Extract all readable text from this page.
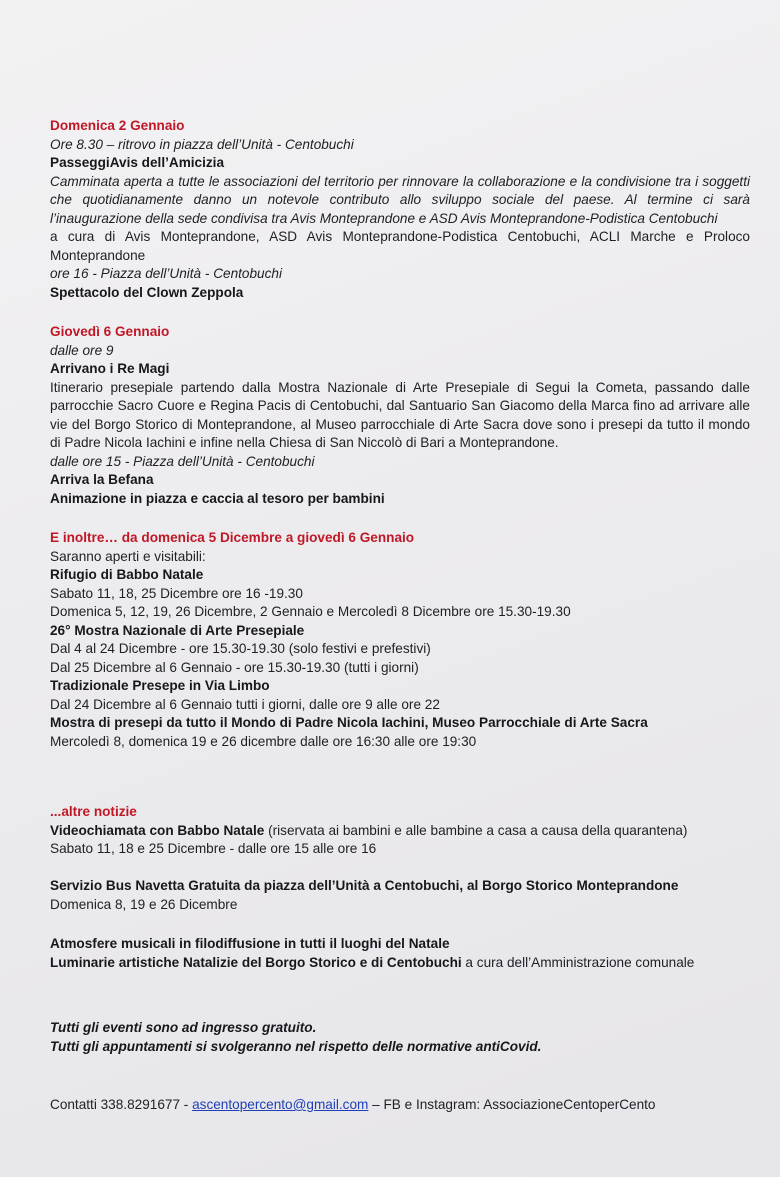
Domenica 2 Gennaio
Ore 8.30 – ritrovo in piazza dell’Unità - Centobuchi
PasseggiAvis dell’Amicizia
Camminata aperta a tutte le associazioni del territorio per rinnovare la collaborazione e la condivisione tra i soggetti che quotidianamente danno un notevole contributo allo sviluppo sociale del paese. Al termine ci sarà l’inaugurazione della sede condivisa tra Avis Monteprandone e ASD Avis Monteprandone-Podistica Centobuchi
a cura di Avis Monteprandone, ASD Avis Monteprandone-Podistica Centobuchi, ACLI Marche e Proloco Monteprandone
ore 16 - Piazza dell’Unità - Centobuchi
Spettacolo del Clown Zeppola
Giovedì 6 Gennaio
dalle ore 9
Arrivano i Re Magi
Itinerario presepiale partendo dalla Mostra Nazionale di Arte Presepiale di Segui la Cometa, passando dalle parrocchie Sacro Cuore e Regina Pacis di Centobuchi, dal Santuario San Giacomo della Marca fino ad arrivare alle vie del Borgo Storico di Monteprandone, al Museo parrocchiale di Arte Sacra dove sono i presepi da tutto il mondo di Padre Nicola Iachini e infine nella Chiesa di San Niccolò di Bari a Monteprandone.
dalle ore 15 - Piazza dell’Unità - Centobuchi
Arriva la Befana
Animazione in piazza e caccia al tesoro per bambini
E inoltre… da domenica 5 Dicembre a giovedì 6 Gennaio
Saranno aperti e visitabili:
Rifugio di Babbo Natale
Sabato 11, 18, 25 Dicembre ore 16 -19.30
Domenica 5, 12, 19, 26 Dicembre, 2 Gennaio e Mercoledì 8 Dicembre ore 15.30-19.30
26° Mostra Nazionale di Arte Presepiale
Dal 4 al 24 Dicembre - ore 15.30-19.30 (solo festivi e prefestivi)
Dal 25 Dicembre al 6 Gennaio - ore 15.30-19.30 (tutti i giorni)
Tradizionale Presepe in Via Limbo
Dal 24 Dicembre al 6 Gennaio tutti i giorni, dalle ore 9 alle ore 22
Mostra di presepi da tutto il Mondo di Padre Nicola Iachini, Museo Parrocchiale di Arte Sacra
Mercoledì 8, domenica 19 e 26 dicembre dalle ore 16:30 alle ore 19:30
...altre notizie
Videochiamata con Babbo Natale (riservata ai bambini e alle bambine a casa a causa della quarantena)
Sabato 11, 18 e 25 Dicembre - dalle ore 15 alle ore 16
Servizio Bus Navetta Gratuita da piazza dell’Unità a Centobuchi, al Borgo Storico Monteprandone
Domenica 8, 19 e 26 Dicembre
Atmosfere musicali in filodiffusione in tutti il luoghi del Natale
Luminarie artistiche Natalizie del Borgo Storico e di Centobuchi a cura dell’Amministrazione comunale
Tutti gli eventi sono ad ingresso gratuito.
Tutti gli appuntamenti si svolgeranno nel rispetto delle normative antiCovid.
Contatti 338.8291677 - ascentopercento@gmail.com – FB e Instagram: AssociazioneCentoperCento
